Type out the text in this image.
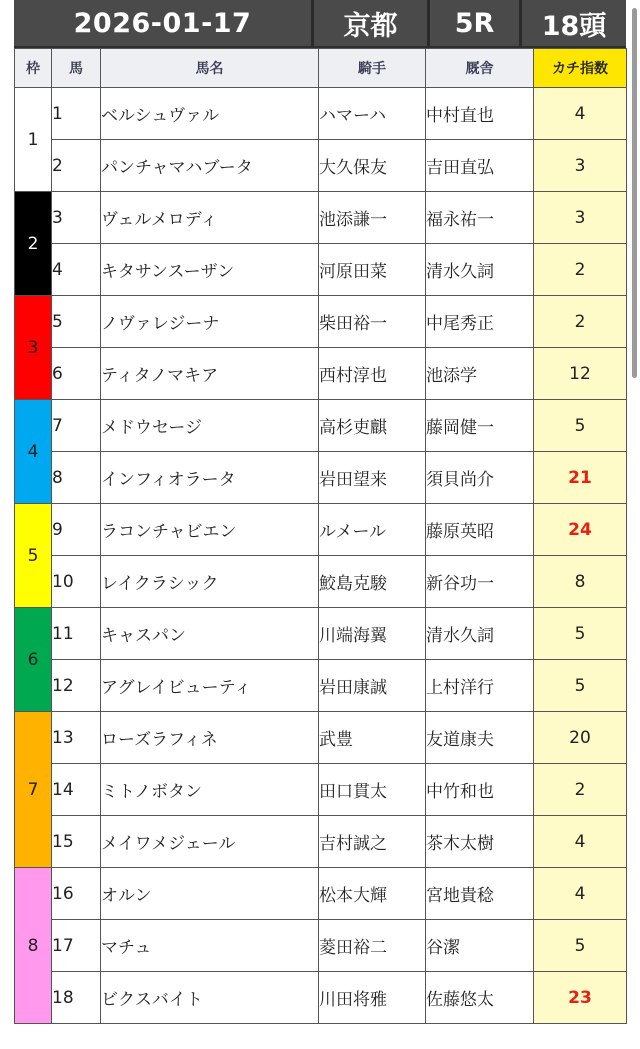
2026-01-17	京都	5R	18頭
枠	馬	馬名	騎手	厩舎	カチ指数
1	1	ベルシュヴァル	ハマーハ	中村直也	4
	2	パンチャマハブータ	大久保友	吉田直弘	3
2	3	ヴェルメロディ	池添謙一	福永祐一	3
	4	キタサンスーザン	河原田菜	清水久詞	2
3	5	ノヴァレジーナ	柴田裕一	中尾秀正	2
	6	ティタノマキア	西村淳也	池添学	12
4	7	メドウセージ	高杉吏麒	藤岡健一	5
	8	インフィオラータ	岩田望来	須貝尚介	21
5	9	ラコンチャビエン	ルメール	藤原英昭	24
	10	レイクラシック	鮫島克駿	新谷功一	8
6	11	キャスパン	川端海翼	清水久詞	5
	12	アグレイビューティ	岩田康誠	上村洋行	5
7	13	ローズラフィネ	武豊	友道康夫	20
	14	ミトノボタン	田口貫太	中竹和也	2
	15	メイワメジェール	吉村誠之	茶木太樹	4
8	16	オルン	松本大輝	宮地貴稔	4
	17	マチュ	菱田裕二	谷潔	5
	18	ビクスバイト	川田将雅	佐藤悠太	23
